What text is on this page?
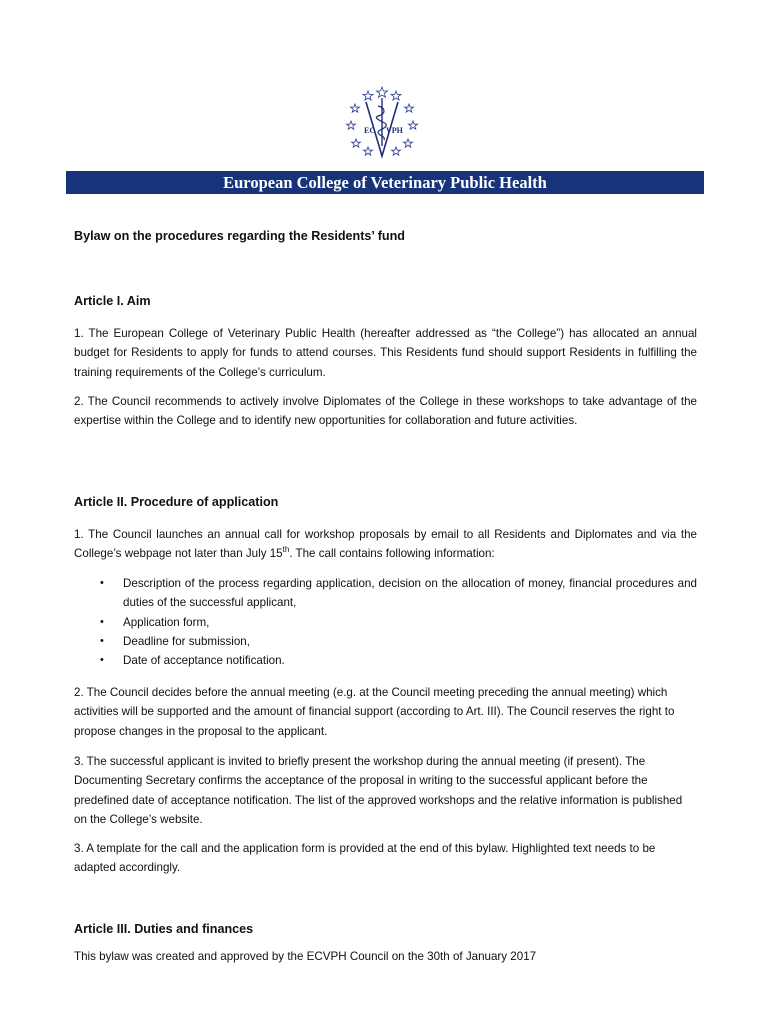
EC VPH
European College of Veterinary Public Health
Bylaw on the procedures regarding the Residents’ fund
Article I. Aim
1. The European College of Veterinary Public Health (hereafter addressed as “the College”) has allocated an annual budget for Residents to apply for funds to attend courses. This Residents fund should support Residents in fulfilling the training requirements of the College’s curriculum.
2. The Council recommends to actively involve Diplomates of the College in these workshops to take advantage of the expertise within the College and to identify new opportunities for collaboration and future activities.
Article II. Procedure of application
1. The Council launches an annual call for workshop proposals by email to all Residents and Diplomates and via the College’s webpage not later than July 15th. The call contains following information:
• Description of the process regarding application, decision on the allocation of money, financial procedures and duties of the successful applicant,
• Application form,
• Deadline for submission,
• Date of acceptance notification.
2. The Council decides before the annual meeting (e.g. at the Council meeting preceding the annual meeting) which activities will be supported and the amount of financial support (according to Art. III). The Council reserves the right to propose changes in the proposal to the applicant.
3. The successful applicant is invited to briefly present the workshop during the annual meeting (if present). The Documenting Secretary confirms the acceptance of the proposal in writing to the successful applicant before the predefined date of acceptance notification. The list of the approved workshops and the relative information is published on the College’s website.
3. A template for the call and the application form is provided at the end of this bylaw. Highlighted text needs to be adapted accordingly.
Article III. Duties and finances
This bylaw was created and approved by the ECVPH Council on the 30th of January 2017
